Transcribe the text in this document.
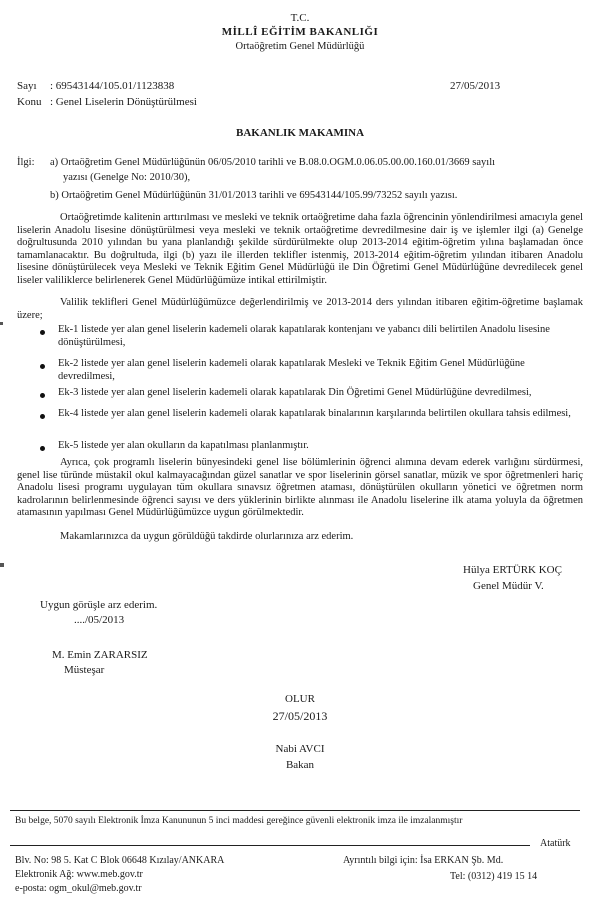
T.C.
MİLLÎ EĞİTİM BAKANLIĞI
Ortaöğretim Genel Müdürlüğü
Sayı : 69543144/105.01/1123838	27/05/2013
Konu : Genel Liselerin Dönüştürülmesi
BAKANLIK MAKAMINA
İlgi: a) Ortaöğretim Genel Müdürlüğünün 06/05/2010 tarihli ve B.08.0.OGM.0.06.05.00.00.160.01/3669 sayılı
yazısı (Genelge No: 2010/30),
b) Ortaöğretim Genel Müdürlüğünün 31/01/2013 tarihli ve 69543144/105.99/73252 sayılı yazısı.
Ortaöğretimde kalitenin arttırılması ve mesleki ve teknik ortaöğretime daha fazla öğrencinin yönlendirilmesi amacıyla genel liselerin Anadolu lisesine dönüştürülmesi veya mesleki ve teknik ortaöğretime devredilmesine dair iş ve işlemler ilgi (a) Genelge doğrultusunda 2010 yılından bu yana planlandığı şekilde sürdürülmekte olup 2013-2014 eğitim-öğretim yılına başlamadan önce tamamlanacaktır. Bu doğrultuda, ilgi (b) yazı ile illerden teklifler istenmiş, 2013-2014 eğitim-öğretim yılından itibaren Anadolu lisesine dönüştürülecek veya Mesleki ve Teknik Eğitim Genel Müdürlüğü ile Din Öğretimi Genel Müdürlüğüne devredilecek genel liseler valiliklerce belirlenerek Genel Müdürlüğümüze intikal ettirilmiştir.
Valilik teklifleri Genel Müdürlüğümüzce değerlendirilmiş ve 2013-2014 ders yılından itibaren eğitim-öğretime başlamak üzere;
Ek-1 listede yer alan genel liselerin kademeli olarak kapatılarak kontenjanı ve yabancı dili belirtilen Anadolu lisesine dönüştürülmesi,
Ek-2 listede yer alan genel liselerin kademeli olarak kapatılarak Mesleki ve Teknik Eğitim Genel Müdürlüğüne devredilmesi,
Ek-3 listede yer alan genel liselerin kademeli olarak kapatılarak Din Öğretimi Genel Müdürlüğüne devredilmesi,
Ek-4 listede yer alan genel liselerin kademeli olarak kapatılarak binalarının karşılarında belirtilen okullara tahsis edilmesi,
Ek-5 listede yer alan okulların da kapatılması planlanmıştır.
Ayrıca, çok programlı liselerin bünyesindeki genel lise bölümlerinin öğrenci alımına devam ederek varlığını sürdürmesi, genel lise türünde müstakil okul kalmayacağından güzel sanatlar ve spor liselerinin görsel sanatlar, müzik ve spor öğretmenleri hariç Anadolu lisesi programı uygulayan tüm okullara sınavsız öğretmen ataması, dönüştürülen okulların yönetici ve öğretmen norm kadrolarının belirlenmesinde öğrenci sayısı ve ders yüklerinin birlikte alınması ile Anadolu liselerine ilk atama yoluyla da öğretmen atamasının yapılması Genel Müdürlüğümüzce uygun görülmektedir.
Makamlarınızca da uygun görüldüğü takdirde olurlarınıza arz ederim.
Hülya ERTÜRK KOÇ
Genel Müdür V.
Uygun görüşle arz ederim.
..../05/2013
M. Emin ZARARSIZ
Müsteşar
OLUR
27/05/2013
Nabi AVCI
Bakan
Bu belge, 5070 sayılı Elektronik İmza Kanununun 5 inci maddesi gereğince güvenli elektronik imza ile imzalanmıştır
Atatürk
Blv. No: 98 5. Kat C Blok 06648 Kızılay/ANKARA	Ayrıntılı bilgi için: İsa ERKAN Şb. Md.
Elektronik Ağ: www.meb.gov.tr	Tel: (0312) 419 15 14
e-posta: ogm_okul@meb.gov.tr
